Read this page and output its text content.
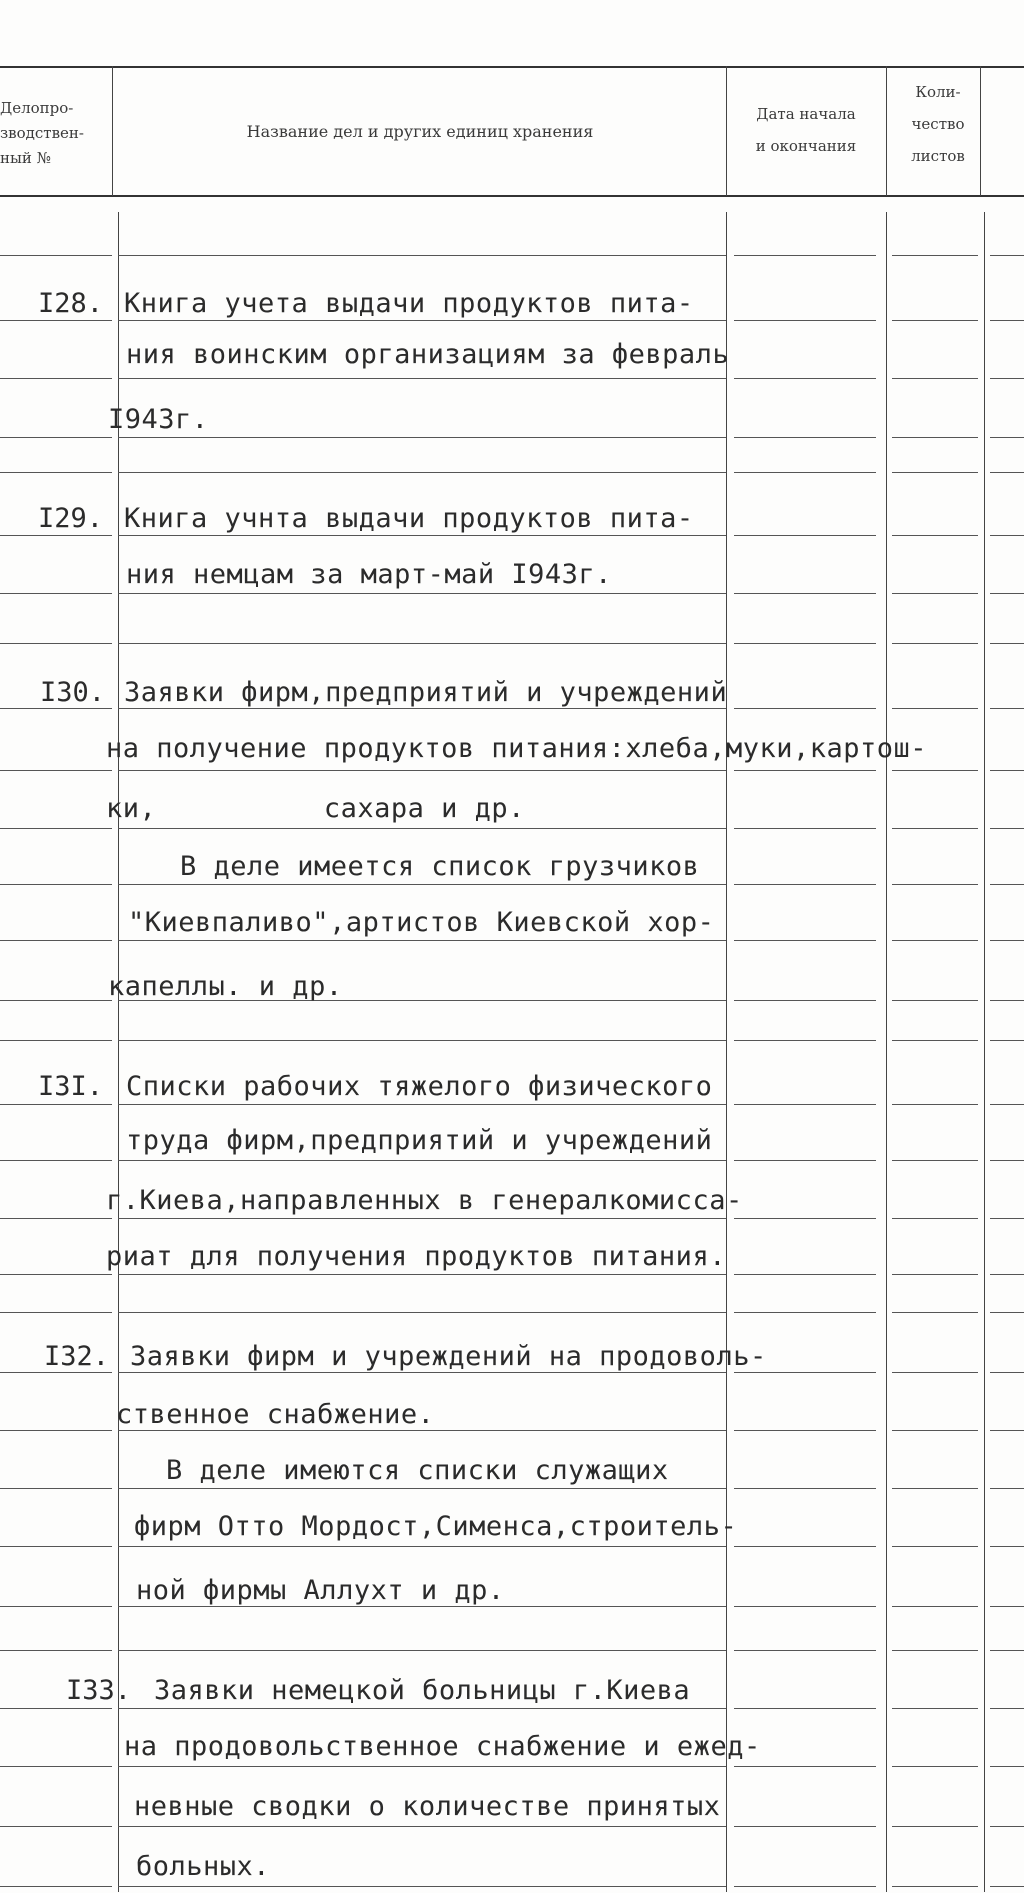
Делопро-
зводствен-
ный №
Название дел и других единиц хранения
Дата начала
и окончания
Коли-
чество
листов
I28. Книга учета выдачи продуктов пита-
ния воинским организациям за февраль
I943г.
I29. Книга учнта выдачи продуктов пита-
ния немцам за март-май I943г.
I30. Заявки фирм,предприятий и учреждений
на получение продуктов питания:хлеба,муки,картош-
ки,          сахара и др.
В деле имеется список грузчиков
"Киевпаливо",артистов Киевской хор-
капеллы. и др.
I3I. Списки рабочих тяжелого физического
труда фирм,предприятий и учреждений
г.Киева,направленных в генералкомисса-
риат для получения продуктов питания.
I32. Заявки фирм и учреждений на продоволь-
ственное снабжение.
В деле имеются списки служащих
фирм Отто Мордост,Сименса,строитель-
ной фирмы Аллухт и др.
I33. Заявки немецкой больницы г.Киева
на продовольственное снабжение и ежед-
невные сводки о количестве принятых
больных.
